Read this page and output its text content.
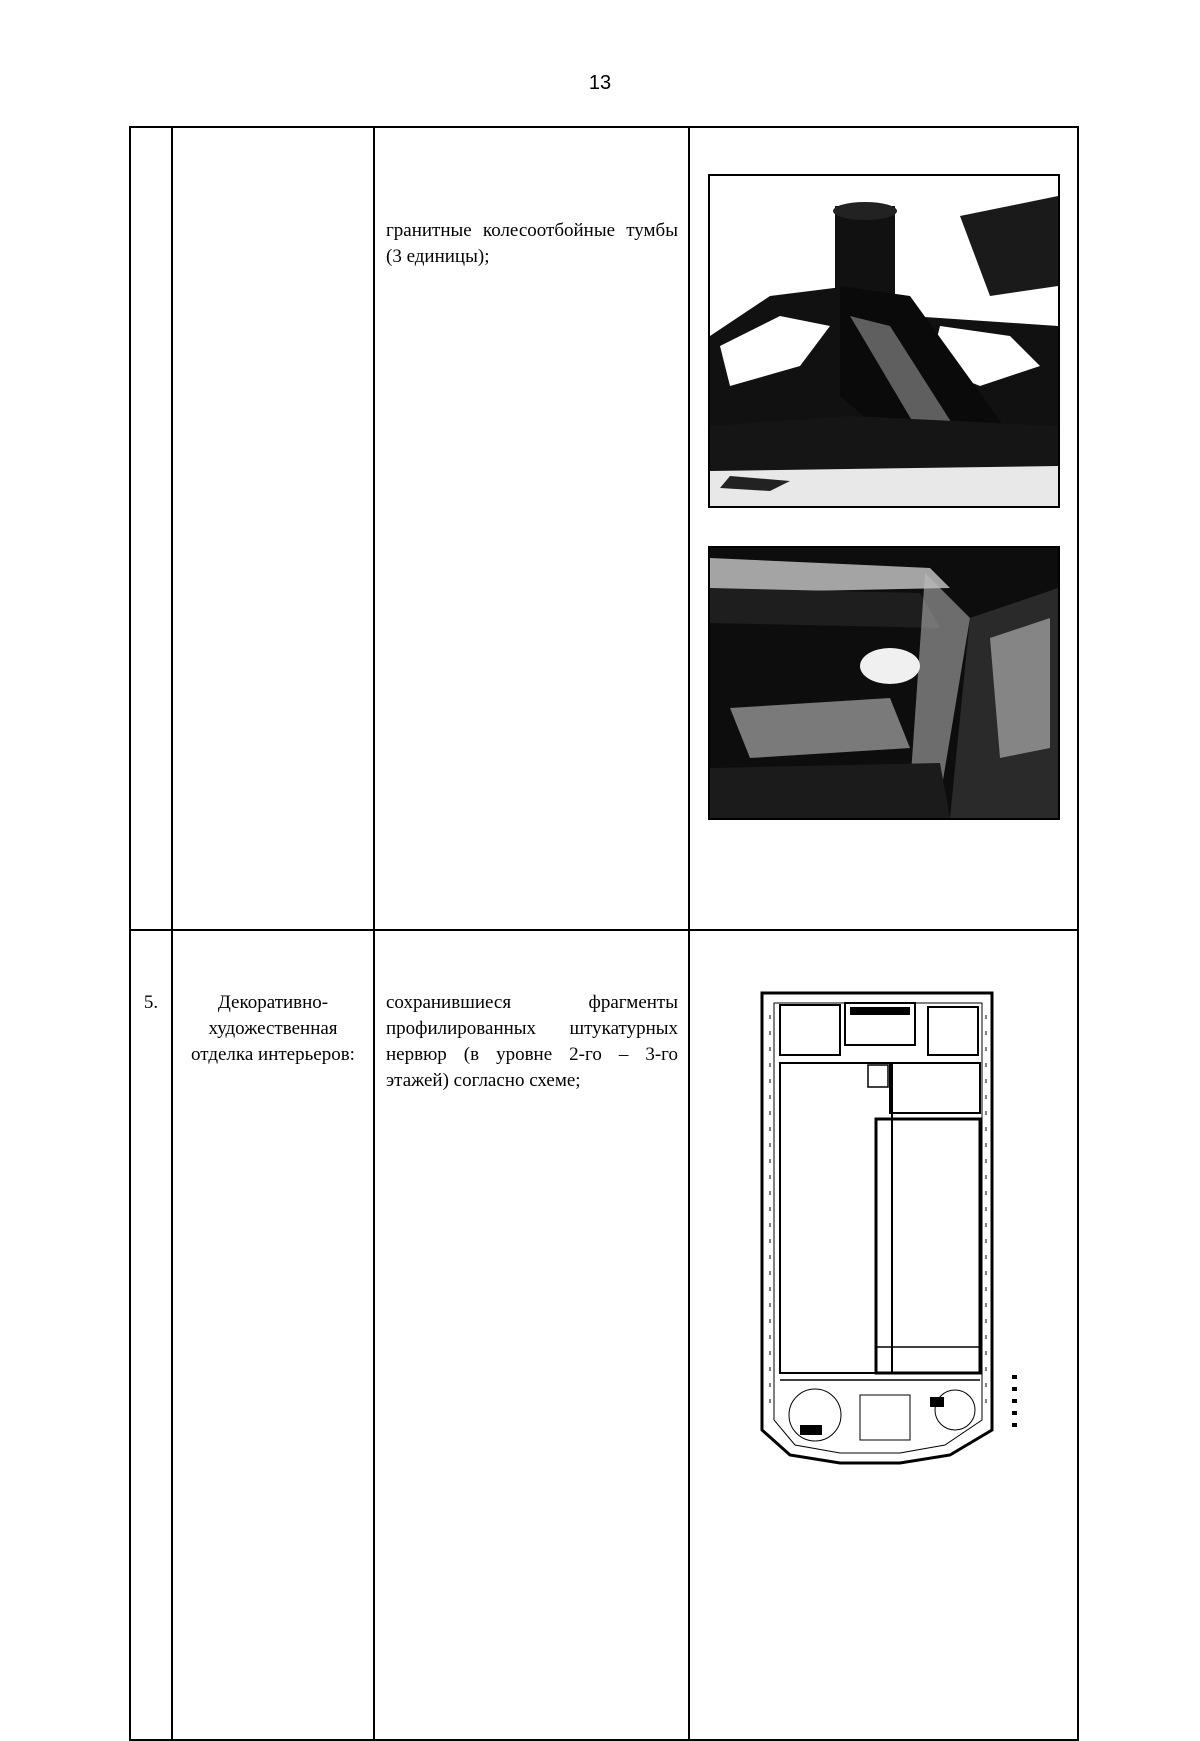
13

		гранитные колесоотбойные тумбы (3 единицы);

5.	Декоративно-художественная отделка интерьеров:	сохранившиеся фрагменты профилированных штукатурных нервюр (в уровне 2-го – 3-го этажей) согласно схеме;
